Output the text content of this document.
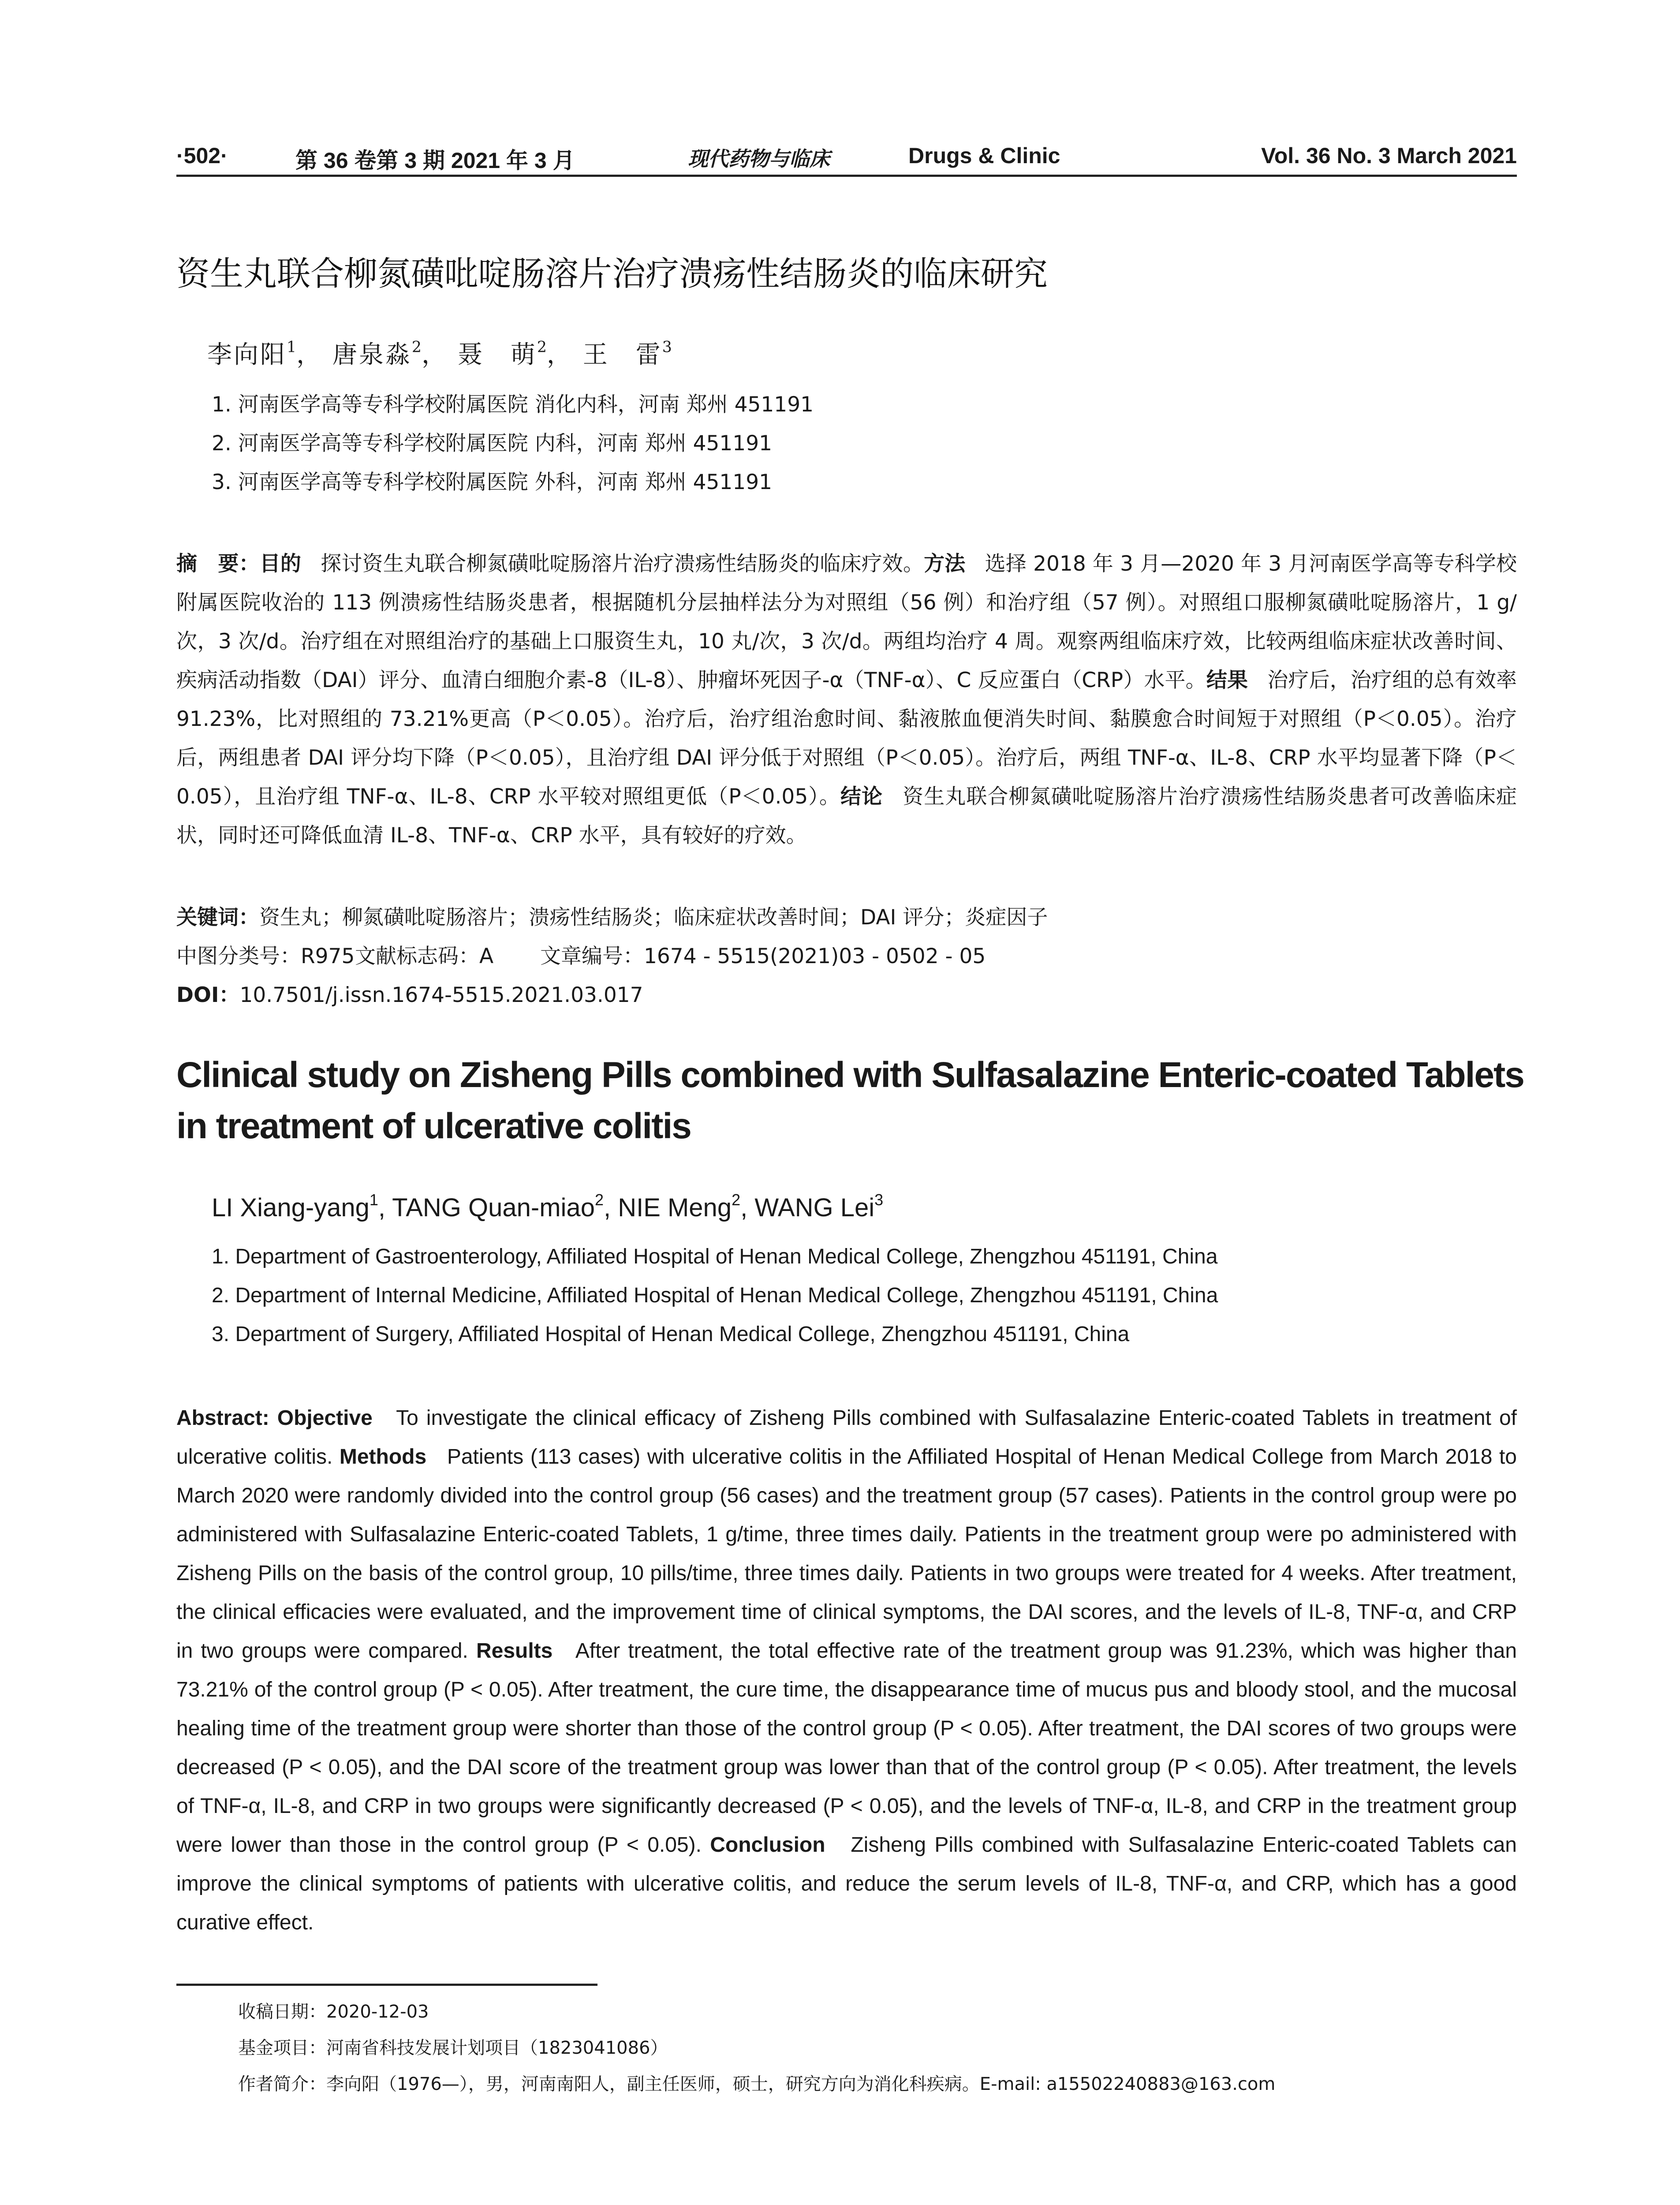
·502·	第 36 卷第 3 期 2021 年 3 月	现代药物与临床	Drugs & Clinic	Vol. 36 No. 3 March 2021
资生丸联合柳氮磺吡啶肠溶片治疗溃疡性结肠炎的临床研究
李向阳$^1$， 唐泉淼$^2$， 聂　萌$^2$， 王　雷$^3$
1. 河南医学高等专科学校附属医院 消化内科，河南 郑州 451191
2. 河南医学高等专科学校附属医院 内科，河南 郑州 451191
3. 河南医学高等专科学校附属医院 外科，河南 郑州 451191
摘　要：目的 探讨资生丸联合柳氮磺吡啶肠溶片治疗溃疡性结肠炎的临床疗效。方法 选择 2018 年 3 月—2020 年 3 月河南医学高等专科学校附属医院收治的 113 例溃疡性结肠炎患者，根据随机分层抽样法分为对照组（56 例）和治疗组（57 例）。对照组口服柳氮磺吡啶肠溶片，1 g/次，3 次/d。治疗组在对照组治疗的基础上口服资生丸，10 丸/次，3 次/d。两组均治疗 4 周。观察两组临床疗效，比较两组临床症状改善时间、疾病活动指数（DAI）评分、血清白细胞介素-8（IL-8）、肿瘤坏死因子-α（TNF-α）、C 反应蛋白（CRP）水平。结果 治疗后，治疗组的总有效率 91.23%，比对照组的 73.21%更高（P＜0.05）。治疗后，治疗组治愈时间、黏液脓血便消失时间、黏膜愈合时间短于对照组（P＜0.05）。治疗后，两组患者 DAI 评分均下降（P＜0.05），且治疗组 DAI 评分低于对照组（P＜0.05）。治疗后，两组 TNF-α、IL-8、CRP 水平均显著下降（P＜0.05），且治疗组 TNF-α、IL-8、CRP 水平较对照组更低（P＜0.05）。结论 资生丸联合柳氮磺吡啶肠溶片治疗溃疡性结肠炎患者可改善临床症状，同时还可降低血清 IL-8、TNF-α、CRP 水平，具有较好的疗效。
关键词：资生丸；柳氮磺吡啶肠溶片；溃疡性结肠炎；临床症状改善时间；DAI 评分；炎症因子
中图分类号：R975文献标志码：A 文章编号：1674 - 5515(2021)03 - 0502 - 05
DOI：10.7501/j.issn.1674-5515.2021.03.017
Clinical study on Zisheng Pills combined with Sulfasalazine Enteric-coated Tablets in treatment of ulcerative colitis
LI Xiang-yang$^1$, TANG Quan-miao$^2$, NIE Meng$^2$, WANG Lei$^3$
1. Department of Gastroenterology, Affiliated Hospital of Henan Medical College, Zhengzhou 451191, China
2. Department of Internal Medicine, Affiliated Hospital of Henan Medical College, Zhengzhou 451191, China
3. Department of Surgery, Affiliated Hospital of Henan Medical College, Zhengzhou 451191, China
Abstract: Objective To investigate the clinical efficacy of Zisheng Pills combined with Sulfasalazine Enteric-coated Tablets in treatment of ulcerative colitis. Methods Patients (113 cases) with ulcerative colitis in the Affiliated Hospital of Henan Medical College from March 2018 to March 2020 were randomly divided into the control group (56 cases) and the treatment group (57 cases). Patients in the control group were po administered with Sulfasalazine Enteric-coated Tablets, 1 g/time, three times daily. Patients in the treatment group were po administered with Zisheng Pills on the basis of the control group, 10 pills/time, three times daily. Patients in two groups were treated for 4 weeks. After treatment, the clinical efficacies were evaluated, and the improvement time of clinical symptoms, the DAI scores, and the levels of IL-8, TNF-α, and CRP in two groups were compared. Results After treatment, the total effective rate of the treatment group was 91.23%, which was higher than 73.21% of the control group (P < 0.05). After treatment, the cure time, the disappearance time of mucus pus and bloody stool, and the mucosal healing time of the treatment group were shorter than those of the control group (P < 0.05). After treatment, the DAI scores of two groups were decreased (P < 0.05), and the DAI score of the treatment group was lower than that of the control group (P < 0.05). After treatment, the levels of TNF-α, IL-8, and CRP in two groups were significantly decreased (P < 0.05), and the levels of TNF-α, IL-8, and CRP in the treatment group were lower than those in the control group (P < 0.05). Conclusion Zisheng Pills combined with Sulfasalazine Enteric-coated Tablets can improve the clinical symptoms of patients with ulcerative colitis, and reduce the serum levels of IL-8, TNF-α, and CRP, which has a good curative effect.
收稿日期：2020-12-03
基金项目：河南省科技发展计划项目（1823041086）
作者简介：李向阳（1976—），男，河南南阳人，副主任医师，硕士，研究方向为消化科疾病。E-mail: a15502240883@163.com
